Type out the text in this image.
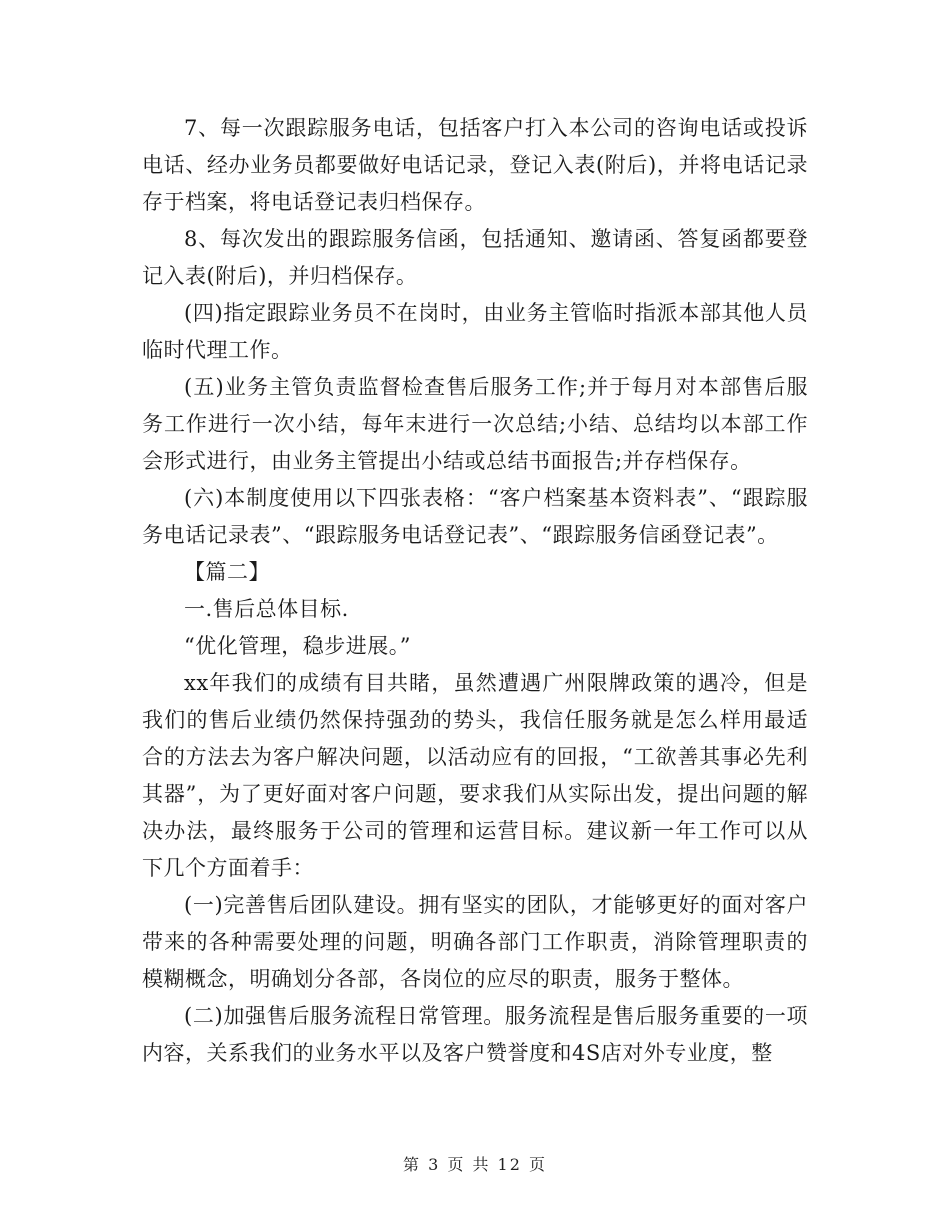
7、每一次跟踪服务电话，包括客户打入本公司的咨询电话或投诉电话、经办业务员都要做好电话记录，登记入表(附后)，并将电话记录存于档案，将电话登记表归档保存。

8、每次发出的跟踪服务信函，包括通知、邀请函、答复函都要登记入表(附后)，并归档保存。

(四)指定跟踪业务员不在岗时，由业务主管临时指派本部其他人员临时代理工作。

(五)业务主管负责监督检查售后服务工作;并于每月对本部售后服务工作进行一次小结，每年末进行一次总结;小结、总结均以本部工作会形式进行，由业务主管提出小结或总结书面报告;并存档保存。

(六)本制度使用以下四张表格：“客户档案基本资料表”、“跟踪服务电话记录表”、“跟踪服务电话登记表”、“跟踪服务信函登记表”。

【篇二】

一.售后总体目标.

“优化管理，稳步进展。”

xx年我们的成绩有目共睹，虽然遭遇广州限牌政策的遇冷，但是我们的售后业绩仍然保持强劲的势头，我信任服务就是怎么样用最适合的方法去为客户解决问题，以活动应有的回报，“工欲善其事必先利其器”，为了更好面对客户问题，要求我们从实际出发，提出问题的解决办法，最终服务于公司的管理和运营目标。建议新一年工作可以从下几个方面着手：

(一)完善售后团队建设。拥有坚实的团队，才能够更好的面对客户带来的各种需要处理的问题，明确各部门工作职责，消除管理职责的模糊概念，明确划分各部，各岗位的应尽的职责，服务于整体。

(二)加强售后服务流程日常管理。服务流程是售后服务重要的一项内容，关系我们的业务水平以及客户赞誉度和4S店对外专业度，整

第 3 页 共 12 页
